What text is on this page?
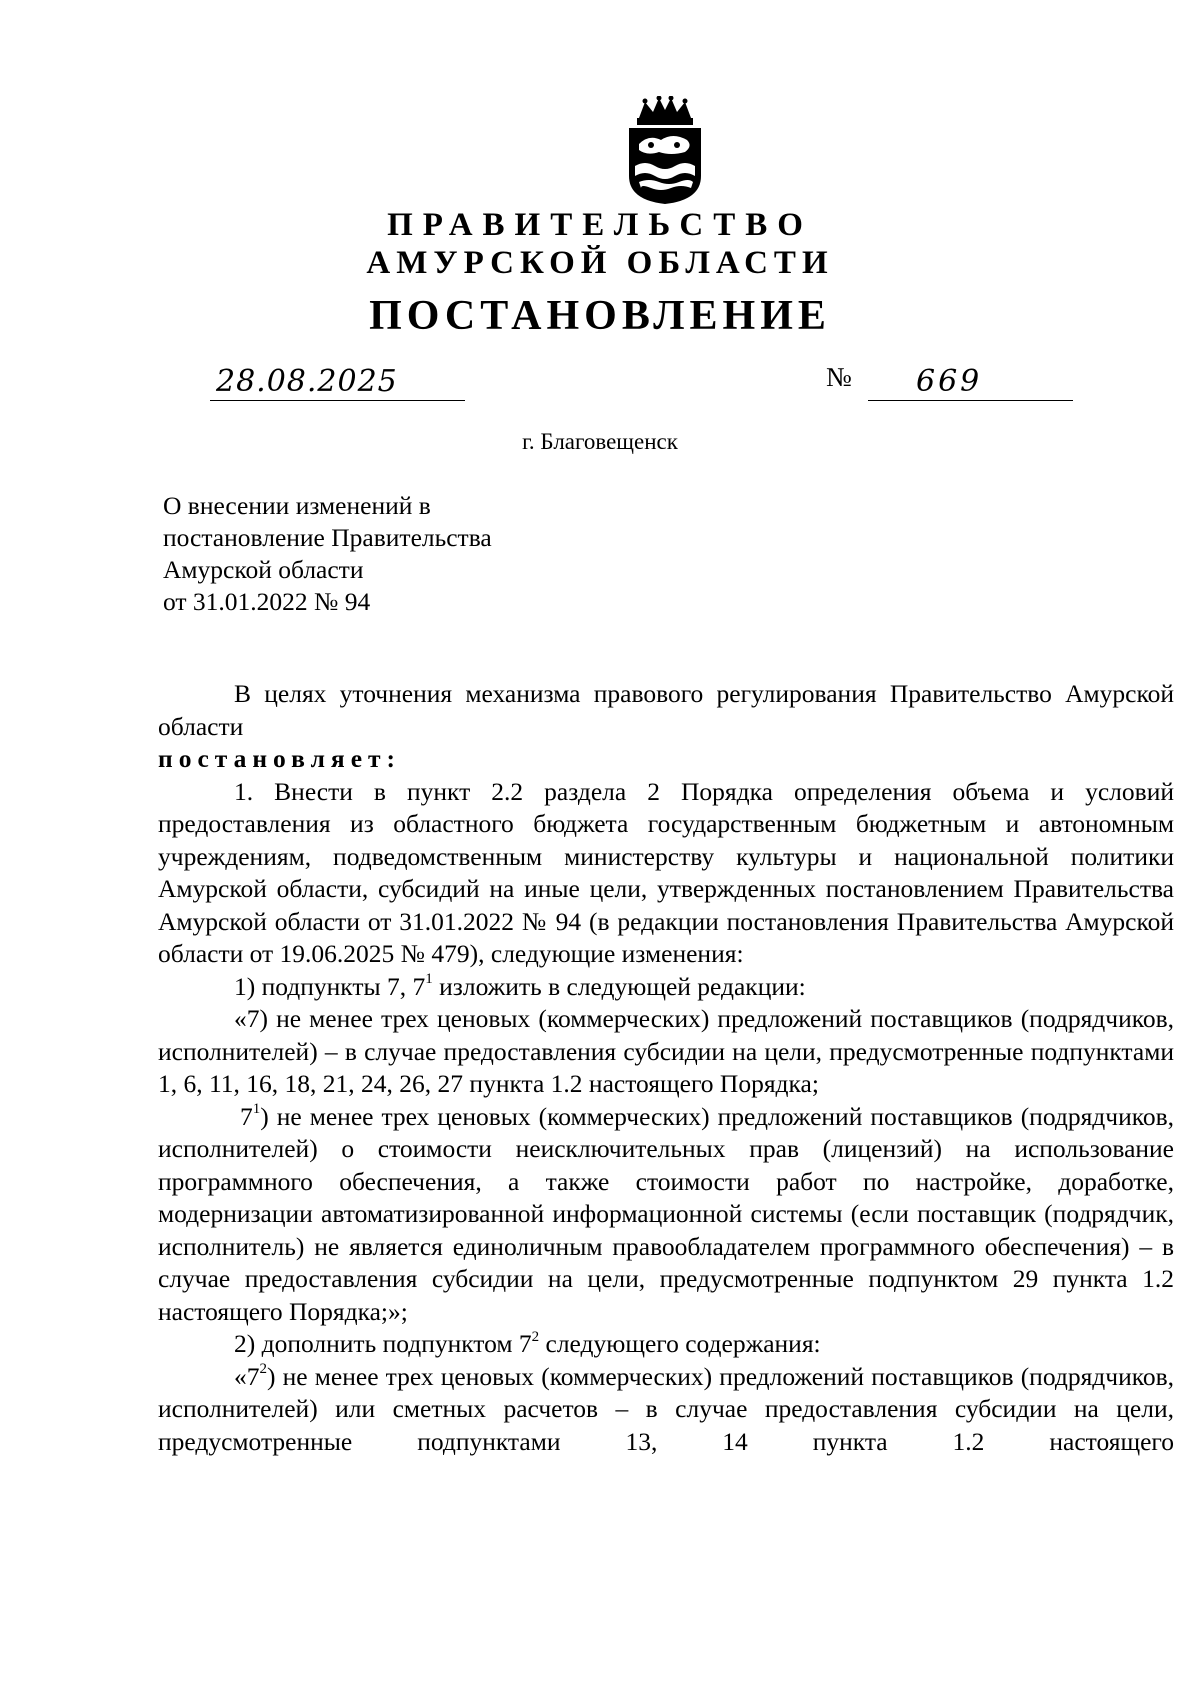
ПРАВИТЕЛЬСТВО
АМУРСКОЙ ОБЛАСТИ
ПОСТАНОВЛЕНИЕ
28.08.2025	№ 669
г. Благовещенск
О внесении изменений в
постановление Правительства
Амурской области
от 31.01.2022 № 94

В целях уточнения механизма правового регулирования Правительство Амурской области

постановляет:

1. Внести в пункт 2.2 раздела 2 Порядка определения объема и условий предоставления из областного бюджета государственным бюджетным и автономным учреждениям, подведомственным министерству культуры и национальной политики Амурской области, субсидий на иные цели, утвержденных постановлением Правительства Амурской области от 31.01.2022 № 94 (в редакции постановления Правительства Амурской области от 19.06.2025 № 479), следующие изменения:

1) подпункты 7, $7^1$ изложить в следующей редакции:

«7) не менее трех ценовых (коммерческих) предложений поставщиков (подрядчиков, исполнителей) – в случае предоставления субсидии на цели, предусмотренные подпунктами 1, 6, 11, 16, 18, 21, 24, 26, 27 пункта 1.2 настоящего Порядка;

$7^1$) не менее трех ценовых (коммерческих) предложений поставщиков (подрядчиков, исполнителей) о стоимости неисключительных прав (лицензий) на использование программного обеспечения, а также стоимости работ по настройке, доработке, модернизации автоматизированной информационной системы (если поставщик (подрядчик, исполнитель) не является единоличным правообладателем программного обеспечения) – в случае предоставления субсидии на цели, предусмотренные подпунктом 29 пункта 1.2 настоящего Порядка;»;

2) дополнить подпунктом $7^2$ следующего содержания:

«$7^2$) не менее трех ценовых (коммерческих) предложений поставщиков (подрядчиков, исполнителей) или сметных расчетов – в случае предоставления субсидии на цели, предусмотренные подпунктами 13, 14 пункта 1.2 настоящего
